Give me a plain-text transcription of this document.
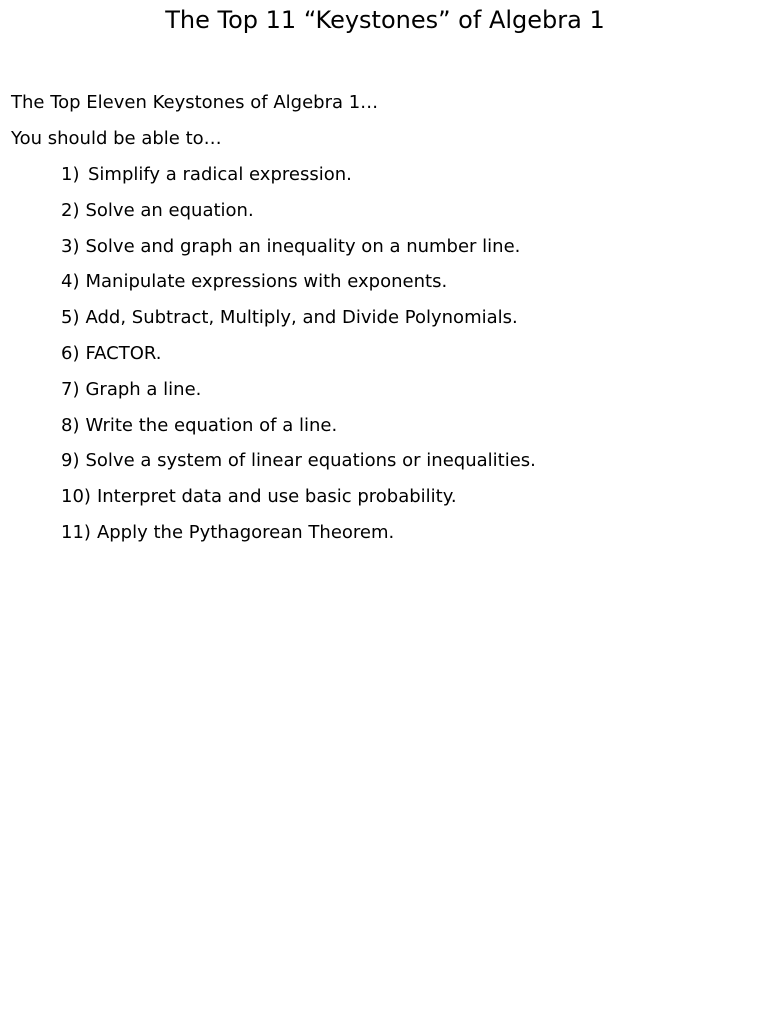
The Top 11 “Keystones” of Algebra 1
The Top Eleven Keystones of Algebra 1…
You should be able to…
1) Simplify a radical expression.
2) Solve an equation.
3) Solve and graph an inequality on a number line.
4) Manipulate expressions with exponents.
5) Add, Subtract, Multiply, and Divide Polynomials.
6) FACTOR.
7) Graph a line.
8) Write the equation of a line.
9) Solve a system of linear equations or inequalities.
10) Interpret data and use basic probability.
11) Apply the Pythagorean Theorem.
